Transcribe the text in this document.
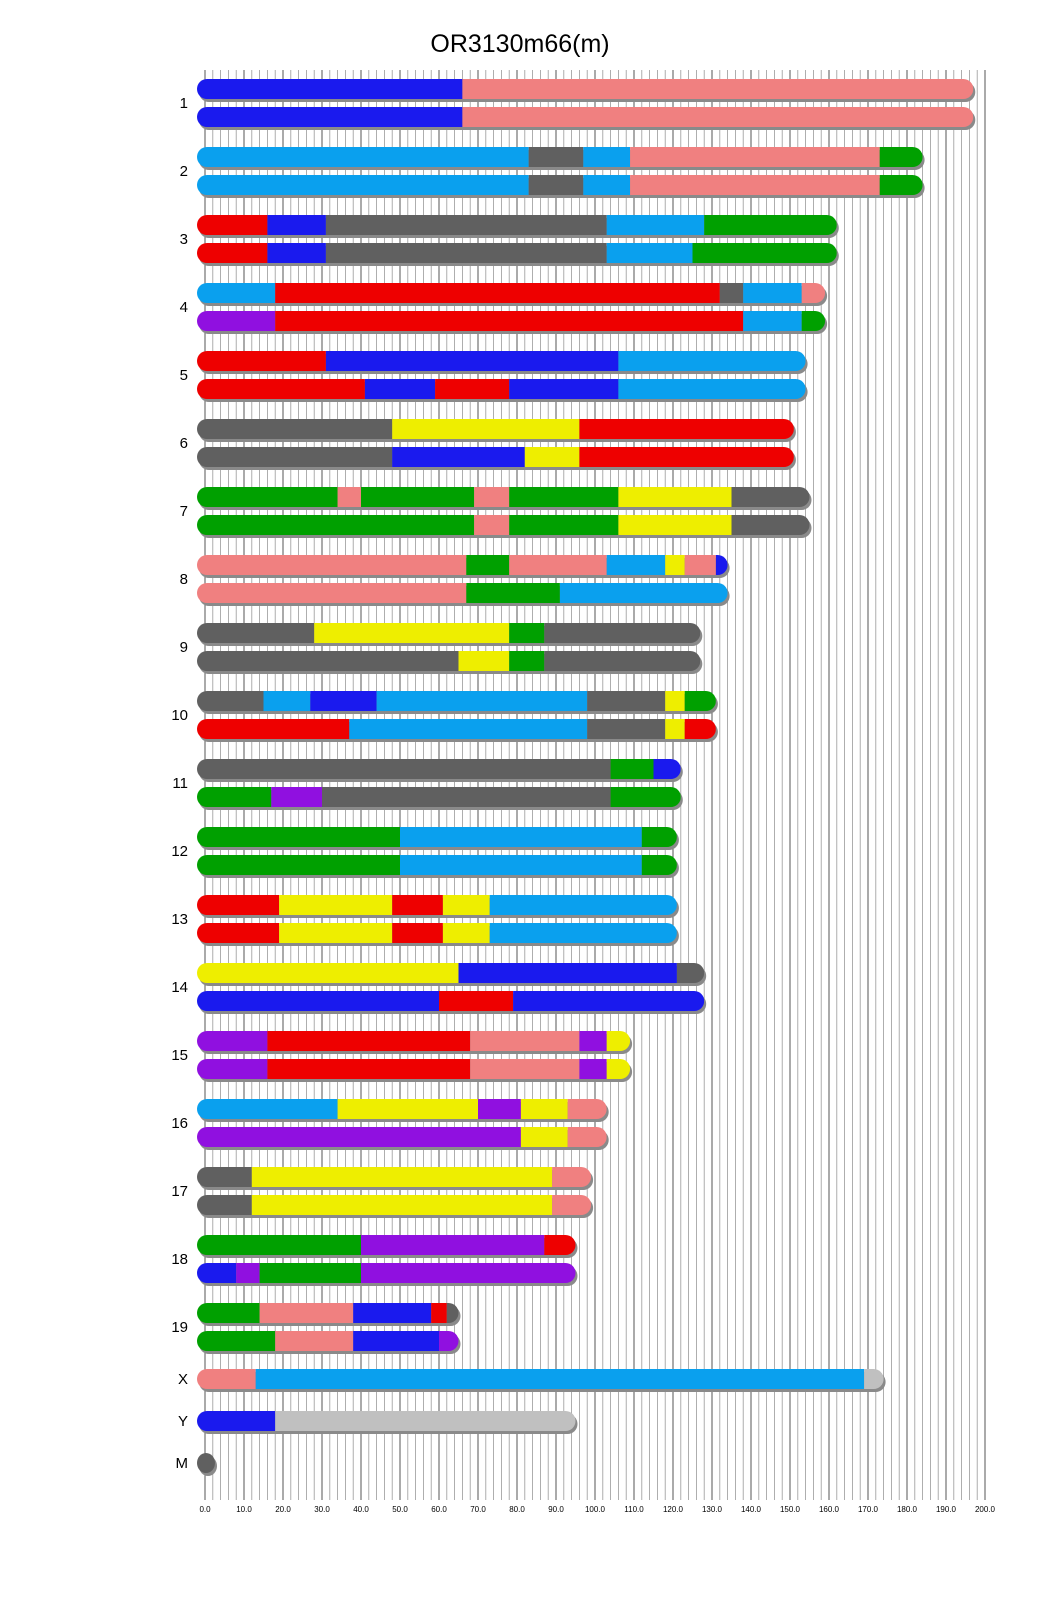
OR3130m66(m)
0.0	10.0	20.0	30.0	40.0	50.0	60.0	70.0	80.0	90.0	100.0 110.0 120.0 130.0 140.0 150.0 160.0 170.0 180.0 190.0 200.0
1
2
3
4
5
6
7
8
9
10
11
12
13
14
15
16
17
18
19
X
Y
M
